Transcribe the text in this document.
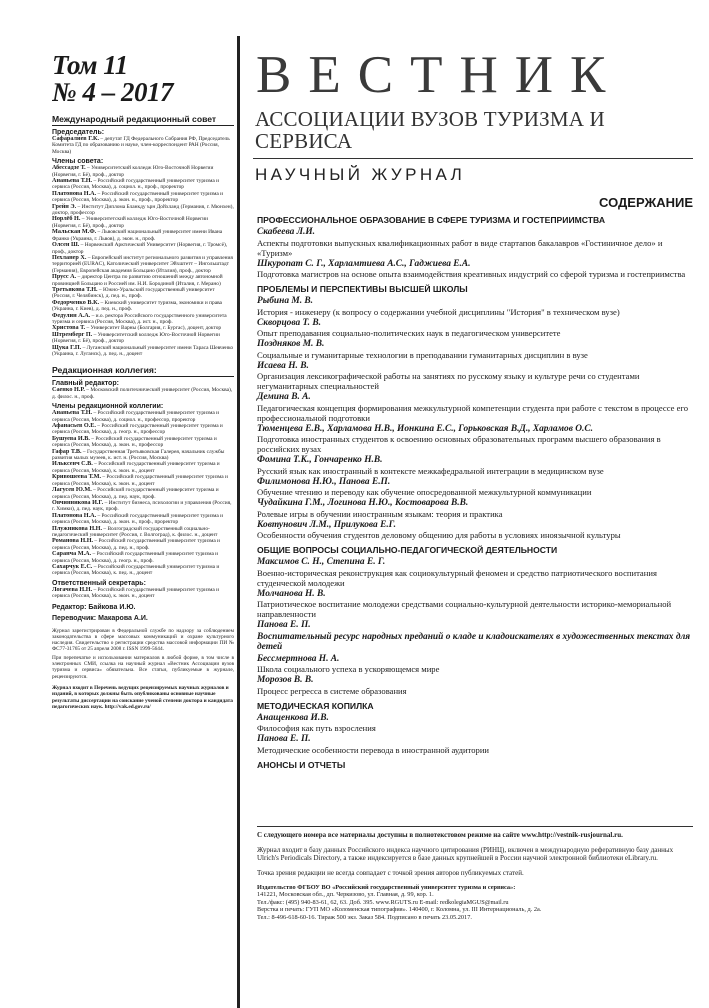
Том 11

№ 4 – 2017

Международный редакционный совет
Председатель:

Сафаралиев Г.К. – депутат ГД Федерального Собрания РФ, Председатель Комитета ГД по образованию и науке, член-корреспондент РАН (Россия, Москва)

Члены совета:

Абессадзе Т. – Университетский колледж Юго-Восточной Норвегии (Норвегия, г. Бё), проф., доктор

Ананьева Т.Н. – Российский государственный университет туризма и сервиса (Россия, Москва), д. социол. н., проф., проректор

Платонова Н.А. – Российский государственный университет туризма и сервиса (Россия, Москва), д. экон. н., проф., проректор

Грейн Э. – Институт Диплома Бланкду ърн Дойхланд (Германия, г. Мюнхен), доктор, профессор

Норлёб Н. – Университетский колледж Юго-Восточной Норвегии (Норвегия, г. Бё), проф., доктор

Мальская М.Ф. – Львовский национальный университет имени Ивана Франко (Украина, г. Львов), д. экон. н., проф.

Олсен Ш. – Норвежский Арктический Университет (Норвегия, г. Тромсё), проф., доктор

Пехланер Х. – Европейский институт регионального развития и управления территорией (EURAC), Католический университет Эйхштетт – Ингольштадт (Германия), Европейская академия Больцано (Италия), проф., доктор

Прусс А. – директор Центра по развитию отношений между автономной провинцией Больцано и Россией им. Н.И. Бородиной (Италия, г. Мерано)

Третьякова Т.Н. – Южно-Уральский государственный университет (Россия, г. Челябинск), д. пед. н., проф.

Федорченко В.К. – Киевский университет туризма, экономики и права (Украина, г. Киев), д. пед. н., проф.

Федулин А.А. – и.о. ректора Российского государственного университета туризма и сервиса (Россия, Москва), д. ист. н., проф.

Христова Т. – Университет Варны (Болгария, г. Бургас), доцент, доктор

Штремберг П. – Университетский колледж Юго-Восточной Норвегии (Норвегия, г. Бё), проф., доктор

Щука Г.П. – Луганский национальный университет имени Тараса Шевченко (Украина, г. Луганск), д. пед. н., доцент

Редакционная коллегия:
Главный редактор:

Саенко Н.Р. – Московский политехнический университет (Россия, Москва), д. филос. н., проф.

Члены редакционной коллегии:

Ананьева Т.Н. – Российский государственный университет туризма и сервиса (Россия, Москва), д. социол. н., профессор, проректор

Афанасьев О.Е. – Российский государственный университет туризма и сервиса (Россия, Москва), д. геогр. н., профессор

Бушуева И.В. – Российский государственный университет туризма и сервиса (Россия, Москва), д. экон. н., профессор

Гафар Т.В. – Государственная Третьяковская Галерея, начальник службы развития малых музеев, к. ист. н. (Россия, Москва)

Ильксенч С.В. – Российский государственный университет туризма и сервиса (Россия, Москва), к. экон. н., доцент

Кривошеева Т.М. – Российский государственный университет туризма и сервиса (Россия, Москва), к. экон. н., доцент

Лагусев Ю.М. – Российский государственный университет туризма и сервиса (Россия, Москва), д. пед. наук, проф.

Овчинникова И.Г. – Институт бизнеса, психологии и управления (Россия, г. Химки), д. пед. наук, проф.

Платонова Н.А. – Российский государственный университет туризма и сервиса (Россия, Москва), д. экон. н., проф., проректор

Плужникова Н.Н. – Волгоградский государственный социально-педагогический университет (Россия, г. Волгоград), к. филос. н., доцент

Романова Н.Н. – Российский государственный университет туризма и сервиса (Россия, Москва), д. пед. н., проф.

Саранча М.А. – Российский государственный университет туризма и сервиса (Россия, Москва), д. геогр. н., проф.

Сахарчук Е.С. – Российский государственный университет туризма и сервиса (Россия, Москва), к. пед. н., доцент

Ответственный секретарь:

Логачева Н.Н. – Российский государственный университет туризма и сервиса (Россия, Москва), к. экон. н., доцент

Редактор: Байкова И.Ю.

Переводчик: Макарова А.И.

Журнал зарегистрирован в Федеральной службе по надзору за соблюдением законодательства в сфере массовых коммуникаций и охране культурного наследия. Свидетельство о регистрации средства массовой информации ПИ № ФС77-31765 от 25 апреля 2008 г. ISSN 1999-5644.

При перепечатке и использовании материалов в любой форме, в том числе в электронных СМИ, ссылка на научный журнал «Вестник Ассоциации вузов туризма и сервиса» обязательна. Все статьи, публикуемые в журнале, рецензируются.

Журнал входит в Перечень ведущих рецензируемых научных журналов и изданий, в которых должны быть опубликованы основные научные результаты диссертации на соискание ученой степени доктора и кандидата педагогических наук. http://vak.ed.gov.ru/

ВЕСТНИК
АССОЦИАЦИИ ВУЗОВ ТУРИЗМА И СЕРВИСА
НАУЧНЫЙ ЖУРНАЛ
СОДЕРЖАНИЕ
ПРОФЕССИОНАЛЬНОЕ ОБРАЗОВАНИЕ В СФЕРЕ ТУРИЗМА И ГОСТЕПРИИМСТВА

Скабеева Л.И.

Аспекты подготовки выпускных квалификационных работ в виде стартапов бакалавров «Гостиничное дело» и «Туризм»

Шкуропат С. Г., Харламтиева А.С., Гаджиева Е.А.

Подготовка магистров на основе опыта взаимодействия креативных индустрий со сферой туризма и гостеприимства

ПРОБЛЕМЫ И ПЕРСПЕКТИВЫ ВЫСШЕЙ ШКОЛЫ

Рыбина М. В.

История - инженеру (к вопросу о содержании учебной дисциплины "История" в техническом вузе)

Скворцова Т. В.

Опыт преподавания социально-политических наук в педагогическом университете

Поздняков М. В.

Социальные и гуманитарные технологии в преподавании гуманитарных дисциплин в вузе

Исаева Н. В.

Организация лексикографической работы на занятиях по русскому языку и культуре речи со студентами негуманитарных специальностей

Демина В. А.

Педагогическая концепция формирования межкультурной компетенции студента при работе с текстом в процессе его профессиональной подготовки

Тюменцева Е.В., Харламова Н.В., Ионкина Е.С., Горьковская В.Д., Харламов О.С.

Подготовка иностранных студентов к освоению основных образовательных программ высшего образования в российских вузах

Фомина Т.К., Гончаренко Н.В.

Русский язык как иностранный в контексте межкафедральной интеграции в медицинском вузе

Филимонова Н.Ю., Панова Е.П.

Обучение чтению и переводу как обучение опосредованной межкультурной коммуникации

Чудайкина Г.М., Логинова Н.Ю., Костоварова В.В.

Ролевые игры в обучении иностранным языкам: теория и практика

Ковтунович Л.М., Прилукова Е.Г.

Особенности обучения студентов деловому общению для работы в условиях иноязычной культуры

ОБЩИЕ ВОПРОСЫ СОЦИАЛЬНО-ПЕДАГОГИЧЕСКОЙ ДЕЯТЕЛЬНОСТИ

Максимов С. Н., Степина Е. Г.

Военно-историческая реконструкция как социокультурный феномен и средство патриотического воспитания студенческой молодежи

Молчанова Н. В.

Патриотическое воспитание молодежи средствами социально-культурной деятельности историко-мемориальной направленности

Панова Е. П.

Воспитательный ресурс народных преданий о кладе и кладоискателях в художественных текстах для детей

Бессмертнова Н. А.

Школа социального успеха в ускоряющемся мире

Морозов В. В.

Процесс регресса в системе образования

МЕТОДИЧЕСКАЯ КОПИЛКА

Анащенкова И.В.

Философия как путь взросления

Панова Е. П.

Методические особенности перевода в иностранной аудитории

АНОНСЫ И ОТЧЕТЫ

С следующего номера все материалы доступны в полнотекстовом режиме на сайте www.http://vestnik-rusjournal.ru.

Журнал входит в базу данных Российского индекса научного цитирования (РИНЦ), включен в международную реферативную базу данных Ulrich's Periodicals Directory, а также индексируется в базе данных крупнейшей в России научной электронной библиотеки eLibrary.ru.

Точка зрения редакции не всегда совпадает с точкой зрения авторов публикуемых статей.

Издательство ФГБОУ ВО «Российский государственный университет туризма и сервиса»:
141221, Московская обл., дп. Черкизово, ул. Главная, д. 99, кор. 1.
Тел./факс: (495) 940-83-61, 62, 63. Доб. 395. www.RGUTS.ru E-mail: redkolegiaMGUS@mail.ru
Верстка и печать: ГУП МО «Коломенская типография». 140400, г. Коломна, ул. III Интернациональ, д. 2а.
Тел.: 8-496-618-60-16. Тираж 500 экз. Заказ 584. Подписано в печать 23.05.2017.
